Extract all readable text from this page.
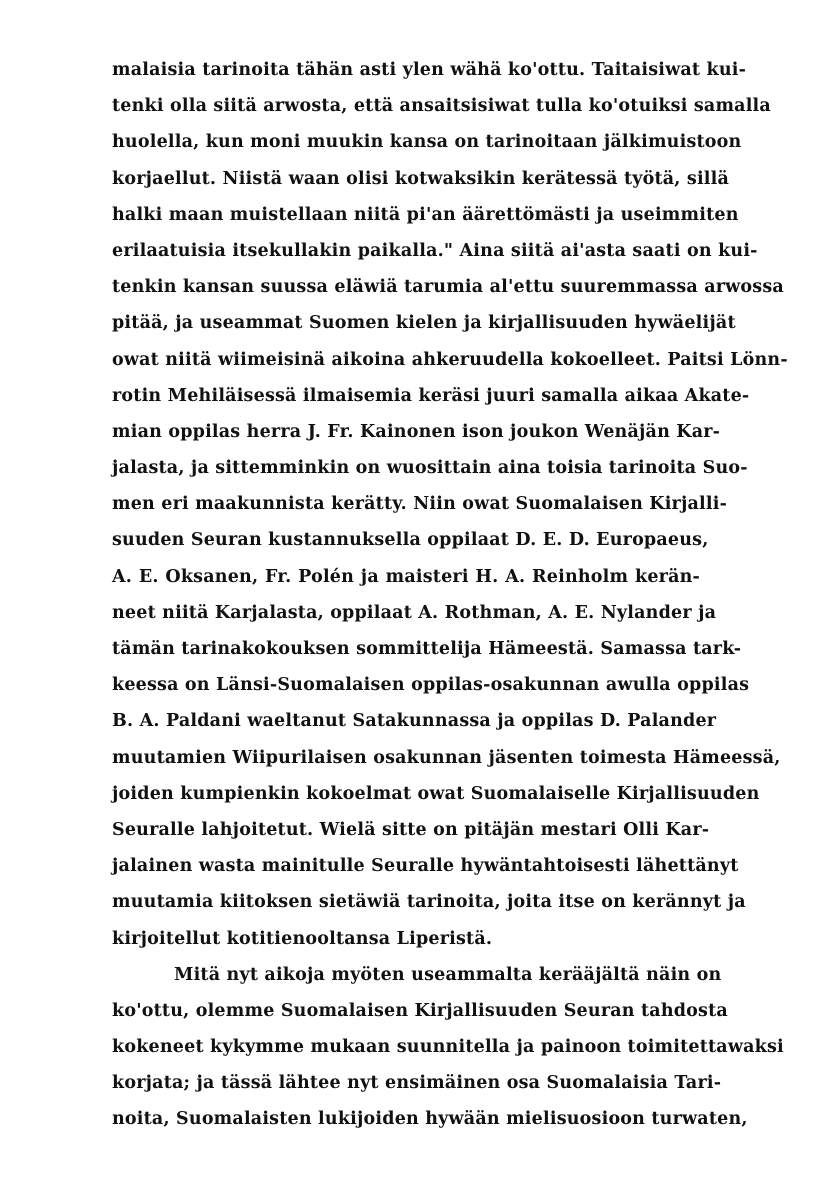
malaisia tarinoita tähän asti ylen wähä ko'ottu. Taitaisiwat kui-
tenki olla siitä arwosta, että ansaitsisiwat tulla ko'otuiksi samalla
huolella, kun moni muukin kansa on tarinoitaan jälkimuistoon
korjaellut. Niistä waan olisi kotwaksikin kerätessä työtä, sillä
halki maan muistellaan niitä pi'an äärettömästi ja useimmiten
erilaatuisia itsekullakin paikalla." Aina siitä ai'asta saati on kui-
tenkin kansan suussa eläwiä tarumia al'ettu suuremmassa arwossa
pitää, ja useammat Suomen kielen ja kirjallisuuden hywäelijät
owat niitä wiimeisinä aikoina ahkeruudella kokoelleet. Paitsi Lönn-
rotin Mehiläisessä ilmaisemia keräsi juuri samalla aikaa Akate-
mian oppilas herra J. Fr. Kainonen ison joukon Wenäjän Kar-
jalasta, ja sittemminkin on wuosittain aina toisia tarinoita Suo-
men eri maakunnista kerätty. Niin owat Suomalaisen Kirjalli-
suuden Seuran kustannuksella oppilaat D. E. D. Europaeus,
A. E. Oksanen, Fr. Polén ja maisteri H. A. Reinholm kerän-
neet niitä Karjalasta, oppilaat A. Rothman, A. E. Nylander ja
tämän tarinakokouksen sommittelija Hämeestä. Samassa tark-
keessa on Länsi-Suomalaisen oppilas-osakunnan awulla oppilas
B. A. Paldani waeltanut Satakunnassa ja oppilas D. Palander
muutamien Wiipurilaisen osakunnan jäsenten toimesta Hämeessä,
joiden kumpienkin kokoelmat owat Suomalaiselle Kirjallisuuden
Seuralle lahjoitetut. Wielä sitte on pitäjän mestari Olli Kar-
jalainen wasta mainitulle Seuralle hywäntahtoisesti lähettänyt
muutamia kiitoksen sietäwiä tarinoita, joita itse on kerännyt ja
kirjoitellut kotitienooltansa Liperistä.
Mitä nyt aikoja myöten useammalta kerääjältä näin on
ko'ottu, olemme Suomalaisen Kirjallisuuden Seuran tahdosta
kokeneet kykymme mukaan suunnitella ja painoon toimitettawaksi
korjata; ja tässä lähtee nyt ensimäinen osa Suomalaisia Tari-
noita, Suomalaisten lukijoiden hywään mielisuosioon turwaten,
